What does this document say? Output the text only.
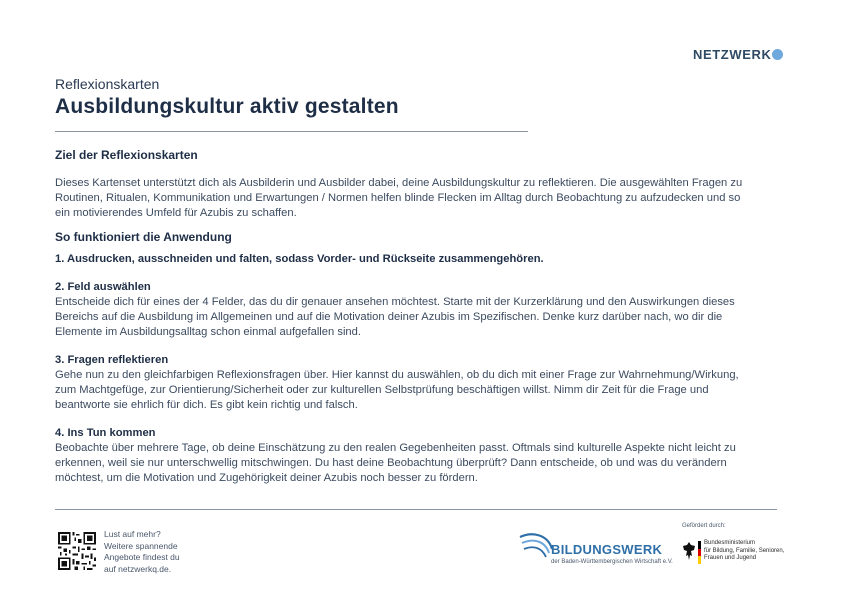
NETZWERK
Reflexionskarten
Ausbildungskultur aktiv gestalten

Ziel der Reflexionskarten

Dieses Kartenset unterstützt dich als Ausbilderin und Ausbilder dabei, deine Ausbildungskultur zu reflektieren. Die ausgewählten Fragen zu Routinen, Ritualen, Kommunikation und Erwartungen / Normen helfen blinde Flecken im Alltag durch Beobachtung zu aufzudecken und so ein motivierendes Umfeld für Azubis zu schaffen.

So funktioniert die Anwendung

1. Ausdrucken, ausschneiden und falten, sodass Vorder- und Rückseite zusammengehören.
2. Feld auswählen

Entscheide dich für eines der 4 Felder, das du dir genauer ansehen möchtest. Starte mit der Kurzerklärung und den Auswirkungen dieses Bereichs auf die Ausbildung im Allgemeinen und auf die Motivation deiner Azubis im Spezifischen. Denke kurz darüber nach, wo dir die Elemente im Ausbildungsalltag schon einmal aufgefallen sind.

3. Fragen reflektieren

Gehe nun zu den gleichfarbigen Reflexionsfragen über. Hier kannst du auswählen, ob du dich mit einer Frage zur Wahrnehmung/Wirkung, zum Machtgefüge, zur Orientierung/Sicherheit oder zur kulturellen Selbstprüfung beschäftigen willst. Nimm dir Zeit für die Frage und beantworte sie ehrlich für dich. Es gibt kein richtig und falsch.

4. Ins Tun kommen

Beobachte über mehrere Tage, ob deine Einschätzung zu den realen Gegebenheiten passt. Oftmals sind kulturelle Aspekte nicht leicht zu erkennen, weil sie nur unterschwellig mitschwingen. Du hast deine Beobachtung überprüft? Dann entscheide, ob und was du verändern möchtest, um die Motivation und Zugehörigkeit deiner Azubis noch besser zu fördern.

Lust auf mehr?
Weitere spannende
Angebote findest du
auf netzwerkq.de.
BILDUNGSWERK
der Baden-Württembergischen Wirtschaft e.V.
Gefördert durch:
Bundesministerium
für Bildung, Familie, Senioren,
Frauen und Jugend
